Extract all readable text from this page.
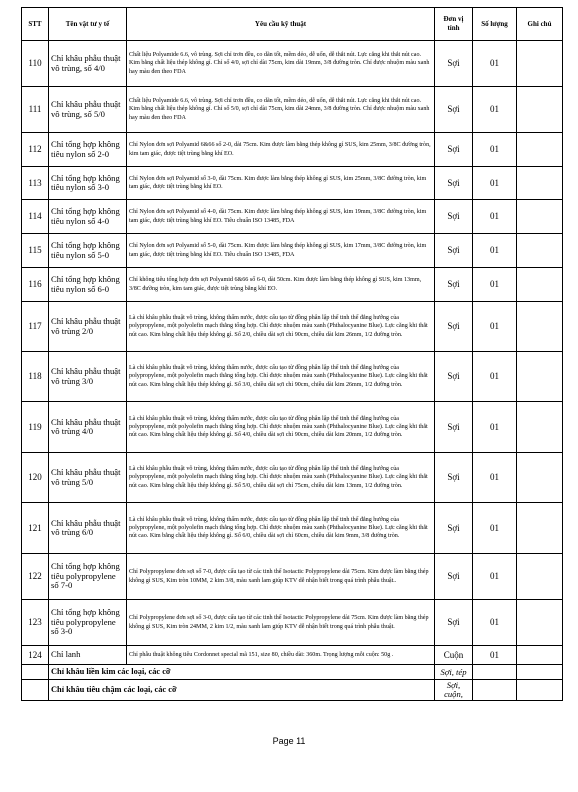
STT	Tên vật tư y tế	Yêu cầu kỹ thuật	Đơn vị tính	Số lượng	Ghi chú
110	Chỉ khâu phẫu thuật vô trùng, số 4/0	Chất liệu Polyamide 6.6, vô trùng. Sợi chỉ trơn đều, co dãn tốt, mềm dẻo, dễ uốn, dễ thắt nút. Lực căng khi thắt nút cao. Kim bằng chất liệu thép không gỉ. Chỉ số 4/0, sợi chỉ dài 75cm, kim dài 19mm, 3/8 đường tròn. Chỉ được nhuộm màu xanh hay màu đen theo FDA	Sợi	01	
111	Chỉ khâu phẫu thuật vô trùng, số 5/0	Chất liệu Polyamide 6.6, vô trùng. Sợi chỉ trơn đều, co dãn tốt, mềm dẻo, dễ uốn, dễ thắt nút. Lực căng khi thắt nút cao. Kim bằng chất liệu thép không gỉ. Chỉ số 5/0, sợi chỉ dài 75cm, kim dài 24mm, 3/8 đường tròn. Chỉ được nhuộm màu xanh hay màu đen theo FDA	Sợi	01	
112	Chỉ tổng hợp không tiêu nylon số 2-0	Chỉ Nylon đơn sợi Polyamid 6&66 số 2-0, dài 75cm. Kim được làm bằng thép không gỉ SUS, kim 25mm, 3/8C đường tròn, kim tam giác, được tiệt trùng bằng khí EO.	Sợi	01	
113	Chỉ tổng hợp không tiêu nylon số 3-0	Chỉ Nylon đơn sợi Polyamid số 3-0, dài 75cm. Kim được làm bằng thép không gỉ SUS, kim 25mm, 3/8C đường tròn, kim tam giác, được tiệt trùng bằng khí EO.	Sợi	01	
114	Chỉ tổng hợp không tiêu nylon số 4-0	Chỉ Nylon đơn sợi Polyamid số 4-0, dài 75cm. Kim được làm bằng thép không gỉ SUS, kim 19mm, 3/8C đường tròn, kim tam giác, được tiệt trùng bằng khí EO. Tiêu chuẩn ISO 13485, FDA	Sợi	01	
115	Chỉ tổng hợp không tiêu nylon số 5-0	Chỉ Nylon đơn sợi Polyamid số 5-0, dài 75cm. Kim được làm bằng thép không gỉ SUS, kim 17mm, 3/8C đường tròn, kim tam giác, được tiệt trùng bằng khí EO. Tiêu chuẩn ISO 13485, FDA	Sợi	01	
116	Chỉ tổng hợp không tiêu nylon số 6-0	Chỉ không tiêu tổng hợp đơn sợi Polyamid 6&66 số 6-0, dài 50cm. Kim được làm bằng thép không gỉ SUS, kim 13mm, 3/8C đường tròn, kim tam giác, được tiệt trùng bằng khí EO.	Sợi	01	
117	Chỉ khâu phẫu thuật vô trùng 2/0	Là chỉ khâu phẫu thuật vô trùng, không thấm nước, được cấu tạo từ đồng phân lập thể tinh thể đẳng hướng của polypropylene, một polyolefin mạch thẳng tổng hợp. Chỉ được nhuộm màu xanh (Phthalocyanine Blue). Lực căng khi thắt nút cao. Kim bằng chất liệu thép không gỉ. Số 2/0, chiều dài sợi chỉ 90cm, chiều dài kim 26mm, 1/2 đường tròn.	Sợi	01	
118	Chỉ khâu phẫu thuật vô trùng 3/0	Là chỉ khâu phẫu thuật vô trùng, không thấm nước, được cấu tạo từ đồng phân lập thể tinh thể đẳng hướng của polypropylene, một polyolefin mạch thẳng tổng hợp. Chỉ được nhuộm màu xanh (Phthalocyanine Blue). Lực căng khi thắt nút cao. Kim bằng chất liệu thép không gỉ. Số 3/0, chiều dài sợi chỉ 90cm, chiều dài kim 26mm, 1/2 đường tròn.	Sợi	01	
119	Chỉ khâu phẫu thuật vô trùng 4/0	Là chỉ khâu phẫu thuật vô trùng, không thấm nước, được cấu tạo từ đồng phân lập thể tinh thể đẳng hướng của polypropylene, một polyolefin mạch thẳng tổng hợp. Chỉ được nhuộm màu xanh (Phthalocyanine Blue). Lực căng khi thắt nút cao. Kim bằng chất liệu thép không gỉ. Số 4/0, chiều dài sợi chỉ 90cm, chiều dài kim 20mm, 1/2 đường tròn.	Sợi	01	
120	Chỉ khâu phẫu thuật vô trùng 5/0	Là chỉ khâu phẫu thuật vô trùng, không thấm nước, được cấu tạo từ đồng phân lập thể tinh thể đẳng hướng của polypropylene, một polyolefin mạch thẳng tổng hợp. Chỉ được nhuộm màu xanh (Phthalocyanine Blue). Lực căng khi thắt nút cao. Kim bằng chất liệu thép không gỉ. Số 5/0, chiều dài sợi chỉ 75cm, chiều dài kim 13mm, 1/2 đường tròn.	Sợi	01	
121	Chỉ khâu phẫu thuật vô trùng 6/0	Là chỉ khâu phẫu thuật vô trùng, không thấm nước, được cấu tạo từ đồng phân lập thể tinh thể đẳng hướng của polypropylene, một polyolefin mạch thẳng tổng hợp. Chỉ được nhuộm màu xanh (Phthalocyanine Blue). Lực căng khi thắt nút cao. Kim bằng chất liệu thép không gỉ. Số 6/0, chiều dài sợi chỉ 60cm, chiều dài kim 9mm, 3/8 đường tròn.	Sợi	01	
122	Chỉ tổng hợp không tiêu polypropylene số 7-0	Chỉ Polypropylene đơn sợi số 7-0, được cấu tạo từ các tinh thể Isotactic Polypropylene dài 75cm. Kim được làm bằng thép không gỉ SUS, Kim tròn 10MM, 2 kim 3/8, màu xanh lam giúp KTV dễ nhận biết trong quá trình phẫu thuật..	Sợi	01	
123	Chỉ tổng hợp không tiêu polypropylene số 3-0	Chỉ Polypropylene đơn sợi số 3-0, được cấu tạo từ các tinh thể Isotactic Polypropylene dài 75cm. Kim được làm bằng thép không gỉ SUS, Kim tròn 24MM, 2 kim 1/2, màu xanh lam giúp KTV dễ nhận biết trong quá trình phẫu thuật.	Sợi	01	
124	Chỉ lanh	Chỉ phẫu thuật không tiêu Cordonnet special mã 151, size 80, chiều dài: 360m. Trọng lượng mỗi cuộn: 50g .	Cuộn	01	
	Chỉ khâu liền kim các loại, các cỡ		Sợi, tép		
	Chỉ khâu tiêu chậm các loại, các cỡ		Sợi, cuộn,		
Page 11
